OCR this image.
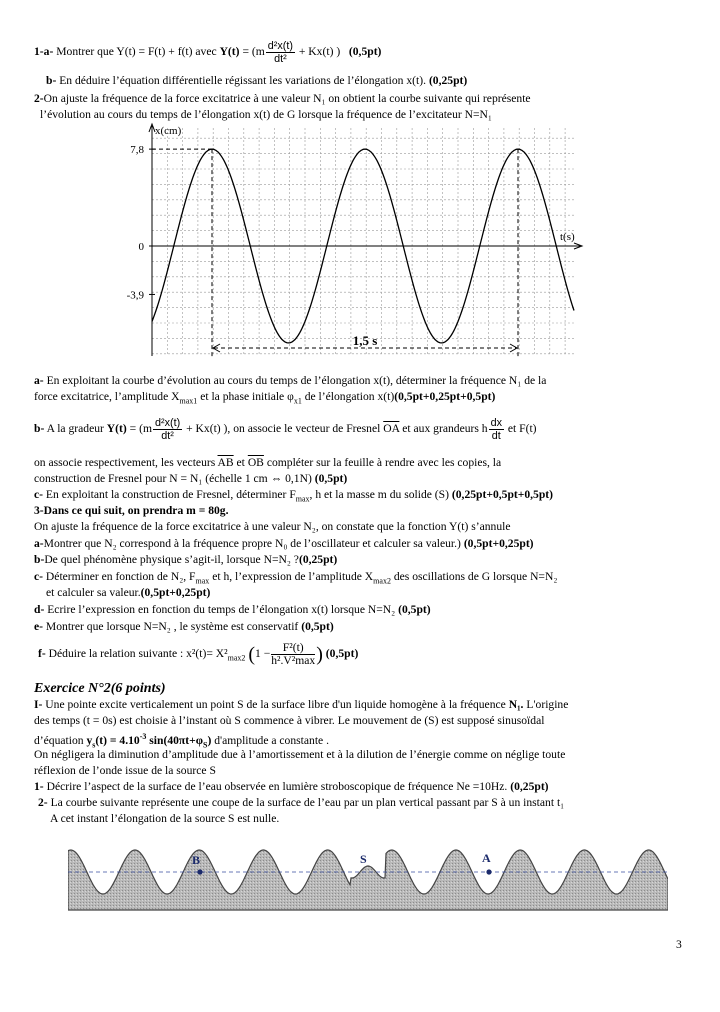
1-a- Montrer que Y(t) = F(t) + f(t) avec $Y(t) = (m \frac{\text{d²x(t)}}{\text{dt²}} + Kx(t)$ ) (0,5pt)
b- En déduire l’équation différentielle régissant les variations de l’élongation x(t). (0,25pt)
2-On ajuste la fréquence de la force excitatrice à une valeur N₁ on obtient la courbe suivante qui représente
l’évolution au cours du temps de l’élongation x(t) de G lorsque la fréquence de l’excitateur N=N₁
7,8
0
-3,9
1,5 s
x(cm)
t(s)
a- En exploitant la courbe d’évolution au cours du temps de l’élongation x(t), déterminer la fréquence N₁ de la
force excitatrice, l’amplitude $X_{max1}$ et la phase initiale $\varphi_{x1}$ de l’élongation x(t)(0,5pt+0,25pt+0,5pt)
b- A la gradeur $Y(t) = (m \frac{\text{d²x(t)}}{\text{dt²}} + Kx(t)$ ), on associe le vecteur de Fresnel $\overline{OA}$ et aux grandeurs h $\frac{dx}{dt}$ et F(t)
on associe respectivement, les vecteurs $\overline{AB}$ et $\overline{OB}$ compléter sur la feuille à rendre avec les copies, la
construction de Fresnel pour N = N₁ (échelle 1 cm ⇔ 0,1N) (0,5pt)
c- En exploitant la construction de Fresnel, déterminer $F_{max}$, h et la masse m du solide (S) (0,25pt+0,5pt+0,5pt)
3-Dans ce qui suit, on prendra m = 80g.
On ajuste la fréquence de la force excitatrice à une valeur N₂, on constate que la fonction Y(t) s’annule
a-Montrer que N₂ correspond à la fréquence propre N₀ de l’oscillateur et calculer sa valeur.) (0,5pt+0,25pt)
b-De quel phénomène physique s’agit-il, lorsque N=N₂ ?(0,25pt)
c- Déterminer en fonction de N₂, $F_{max}$ et h, l’expression de l’amplitude $X_{max2}$ des oscillations de G lorsque N=N₂
et calculer sa valeur.(0,5pt+0,25pt)
d- Ecrire l’expression en fonction du temps de l’élongation x(t) lorsque N=N₂ (0,5pt)
e- Montrer que lorsque N=N₂ , le système est conservatif (0,5pt)
f- Déduire la relation suivante : $x^2(t)= X^2_{max2}$ ($1 - \frac{\text{F²(t)}}{\text{h².V²max}}$ ) (0,5pt)
Exercice N°2(6 points)
I- Une pointe excite verticalement un point S de la surface libre d'un liquide homogène à la fréquence N₁. L'origine
des temps (t = 0s) est choisie à l’instant où S commence à vibrer. Le mouvement de (S) est supposé sinusoïdal
d’équation $y_s(t) = 4.10^{-3}$ $\sin(40\pi t+\varphi_S)$ d'amplitude a constante .
On négligera la diminution d’amplitude due à l’amortissement et à la dilution de l’énergie comme on néglige toute
réflexion de l’onde issue de la source S
1- Décrire l’aspect de la surface de l’eau observée en lumière stroboscopique de fréquence Ne =10Hz. (0,25pt)
2- La courbe suivante représente une coupe de la surface de l’eau par un plan vertical passant par S à un instant t₁
A cet instant l’élongation de la source S est nulle.
B	S	A
3
